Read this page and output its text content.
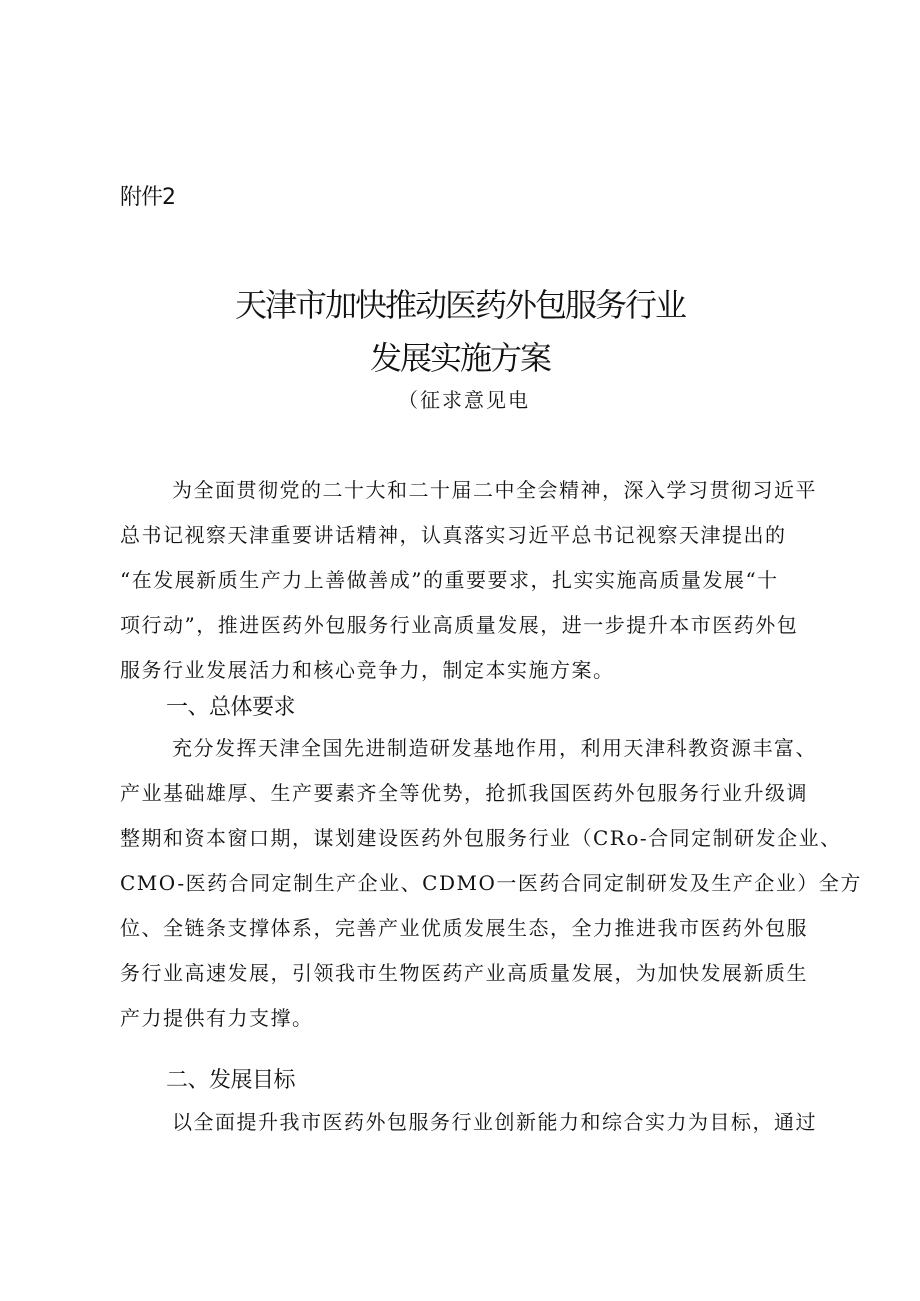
附件2
天津市加快推动医药外包服务行业
发展实施方案
（征求意见电
为全面贯彻党的二十大和二十届二中全会精神，深入学习贯彻习近平
总书记视察天津重要讲话精神，认真落实习近平总书记视察天津提出的
“在发展新质生产力上善做善成”的重要要求，扎实实施高质量发展“十
项行动”，推进医药外包服务行业高质量发展，进一步提升本市医药外包
服务行业发展活力和核心竞争力，制定本实施方案。
一、总体要求
充分发挥天津全国先进制造研发基地作用，利用天津科教资源丰富、
产业基础雄厚、生产要素齐全等优势，抢抓我国医药外包服务行业升级调
整期和资本窗口期，谋划建设医药外包服务行业（CRo-合同定制研发企业、
CMO-医药合同定制生产企业、CDMO一医药合同定制研发及生产企业）全方
位、全链条支撑体系，完善产业优质发展生态，全力推进我市医药外包服
务行业高速发展，引领我市生物医药产业高质量发展，为加快发展新质生
产力提供有力支撑。
二、发展目标
以全面提升我市医药外包服务行业创新能力和综合实力为目标，通过
